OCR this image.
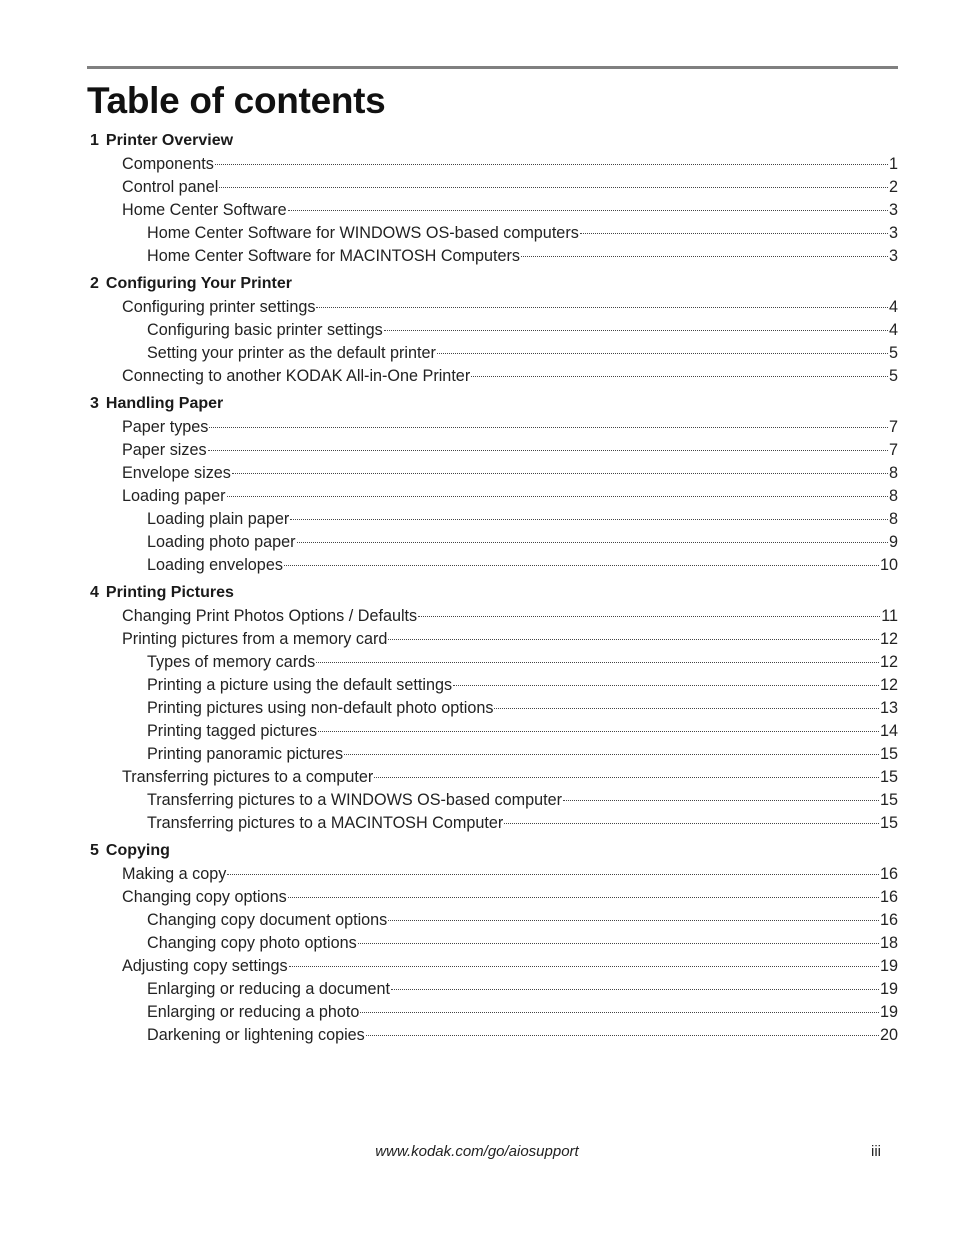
Table of contents
1 Printer Overview
Components	1
Control panel	2
Home Center Software	3
Home Center Software for WINDOWS OS-based computers	3
Home Center Software for MACINTOSH Computers	3
2 Configuring Your Printer
Configuring printer settings	4
Configuring basic printer settings	4
Setting your printer as the default printer	5
Connecting to another KODAK All-in-One Printer	5
3 Handling Paper
Paper types	7
Paper sizes	7
Envelope sizes	8
Loading paper	8
Loading plain paper	8
Loading photo paper	9
Loading envelopes	10
4 Printing Pictures
Changing Print Photos Options / Defaults	11
Printing pictures from a memory card	12
Types of memory cards	12
Printing a picture using the default settings	12
Printing pictures using non-default photo options	13
Printing tagged pictures	14
Printing panoramic pictures	15
Transferring pictures to a computer	15
Transferring pictures to a WINDOWS OS-based computer	15
Transferring pictures to a MACINTOSH Computer	15
5 Copying
Making a copy	16
Changing copy options	16
Changing copy document options	16
Changing copy photo options	18
Adjusting copy settings	19
Enlarging or reducing a document	19
Enlarging or reducing a photo	19
Darkening or lightening copies	20
www.kodak.com/go/aiosupport	iii
